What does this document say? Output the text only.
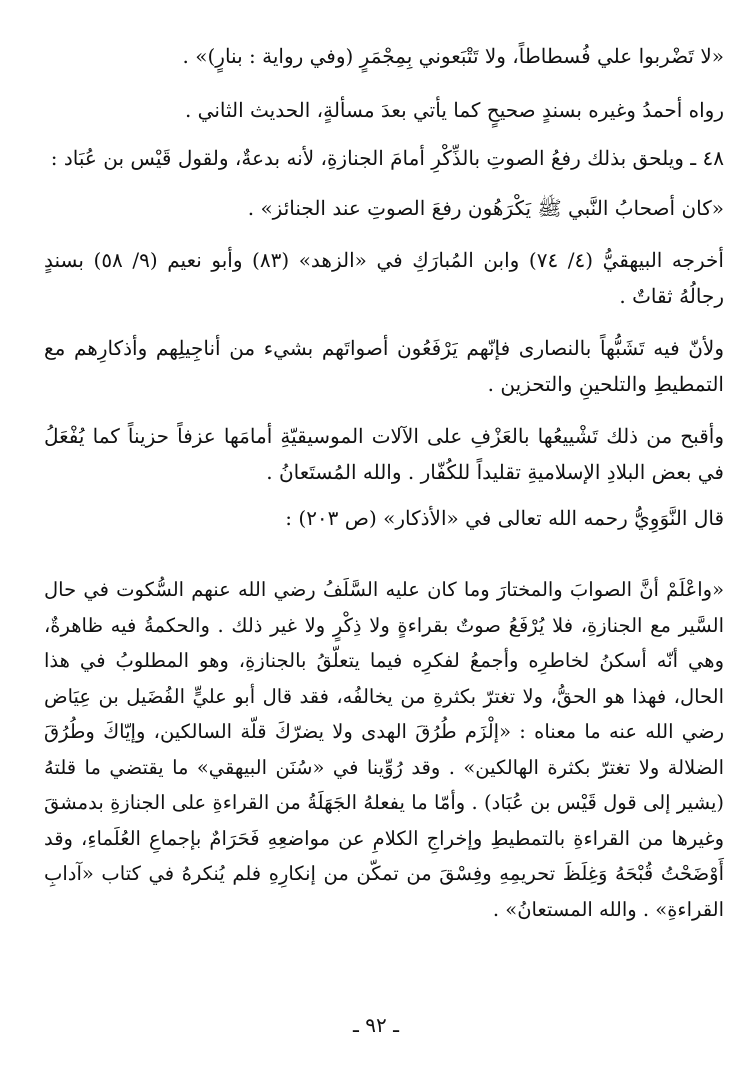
«لا تَضْربوا علي فُسطاطاً، ولا تَتْبَعوني بِمِجْمَرٍ (وفي رواية : بنارٍ)» .

رواه أحمدُ وغيره بسندٍ صحيحٍ كما يأتي بعدَ مسألةٍ، الحديث الثاني .

٤٨ ـ ويلحق بذلك رفعُ الصوتِ بالذِّكْرِ أمامَ الجنازةِ، لأنه بدعةٌ، ولقول قَيْس بن عُبَاد :

«كان أصحابُ النَّبي ﷺ يَكْرَهُون رفعَ الصوتِ عند الجنائز» .

أخرجه البيهقيُّ (٤/ ٧٤) وابن المُبارَكِ في «الزهد» (٨٣) وأبو نعيم (٩/ ٥٨) بسندٍ رجالُهُ ثقاتٌ .

ولأنّ فيه تَشَبُّهاً بالنصارى فإنّهم يَرْفَعُون أصواتَهم بشيء من أناجِيلِهم وأذكارِهم مع التمطيطِ والتلحينِ والتحزين .

وأقبح من ذلك تَشْييعُها بالعَزْفِ على الآلات الموسيقيّةِ أمامَها عزفاً حزيناً كما يُفْعَلُ في بعض البلادِ الإسلاميةِ تقليداً للكُفّار . والله المُستَعانُ .

قال النَّوَوِيُّ رحمه الله تعالى في «الأذكار» (ص ٢٠٣) :

«واعْلَمْ أنَّ الصوابَ والمختارَ وما كان عليه السَّلَفُ رضي الله عنهم السُّكوت في حال السَّير مع الجنازةِ، فلا يُرْفَعُ صوتٌ بقراءةٍ ولا ذِكْرٍ ولا غير ذلك . والحكمةُ فيه ظاهرةٌ، وهي أنّه أسكنُ لخاطرِه وأجمعُ لفكرِه فيما يتعلّقُ بالجنازةِ، وهو المطلوبُ في هذا الحال، فهذا هو الحقُّ، ولا تغترّ بكثرةِ من يخالفُه، فقد قال أبو عليٍّ الفُضَيل بن عِيَاض رضي الله عنه ما معناه : «إلْزَم طُرُقَ الهدى ولا يضرّكَ قلّة السالكين، وإيّاكَ وطُرُقَ الضلالة ولا تغترّ بكثرة الهالكين» . وقد رُوِّينا في «سُنَن البيهقي» ما يقتضي ما قلتهُ (يشير إلى قول قَيْس بن عُبَاد) . وأمّا ما يفعلهُ الجَهَلَةُ من القراءةِ على الجنازةِ بدمشقَ وغيرها من القراءةِ بالتمطيطِ وإخراجِ الكلامِ عن مواضعِهِ فَحَرَامٌ بإجماعِ العُلَماءِ، وقد أَوْضَحْتُ قُبْحَهُ وَغِلَظَ تحريمِهِ وفِسْقَ من تمكّن من إنكارِهِ فلم يُنكرهُ في كتاب «آدابِ القراءةِ» . والله المستعانُ» .

ـ ٩٢ ـ
